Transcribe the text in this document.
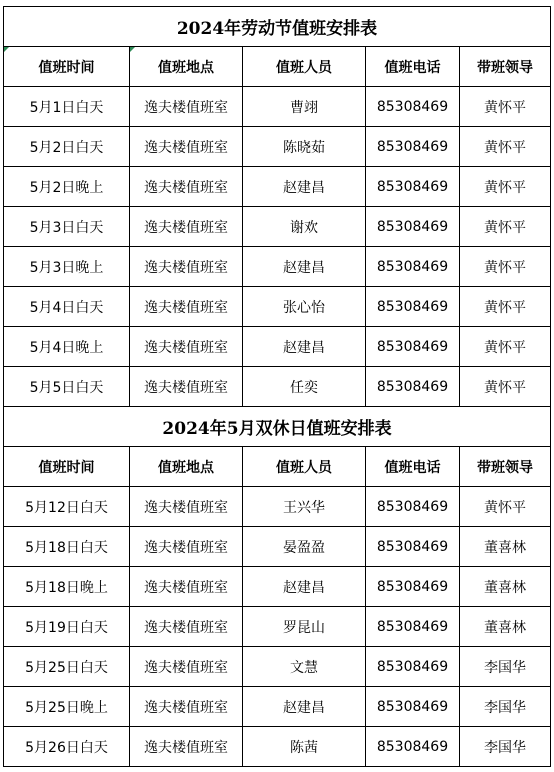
2024年劳动节值班安排表				
值班时间	值班地点	值班人员	值班电话	带班领导
5月1日白天	逸夫楼值班室	曹翊	85308469	黄怀平
5月2日白天	逸夫楼值班室	陈晓茹	85308469	黄怀平
5月2日晚上	逸夫楼值班室	赵建昌	85308469	黄怀平
5月3日白天	逸夫楼值班室	谢欢	85308469	黄怀平
5月3日晚上	逸夫楼值班室	赵建昌	85308469	黄怀平
5月4日白天	逸夫楼值班室	张心怡	85308469	黄怀平
5月4日晚上	逸夫楼值班室	赵建昌	85308469	黄怀平
5月5日白天	逸夫楼值班室	任奕	85308469	黄怀平
2024年5月双休日值班安排表				
值班时间	值班地点	值班人员	值班电话	带班领导
5月12日白天	逸夫楼值班室	王兴华	85308469	黄怀平
5月18日白天	逸夫楼值班室	晏盈盈	85308469	董喜林
5月18日晚上	逸夫楼值班室	赵建昌	85308469	董喜林
5月19日白天	逸夫楼值班室	罗昆山	85308469	董喜林
5月25日白天	逸夫楼值班室	文慧	85308469	李国华
5月25日晚上	逸夫楼值班室	赵建昌	85308469	李国华
5月26日白天	逸夫楼值班室	陈茜	85308469	李国华
